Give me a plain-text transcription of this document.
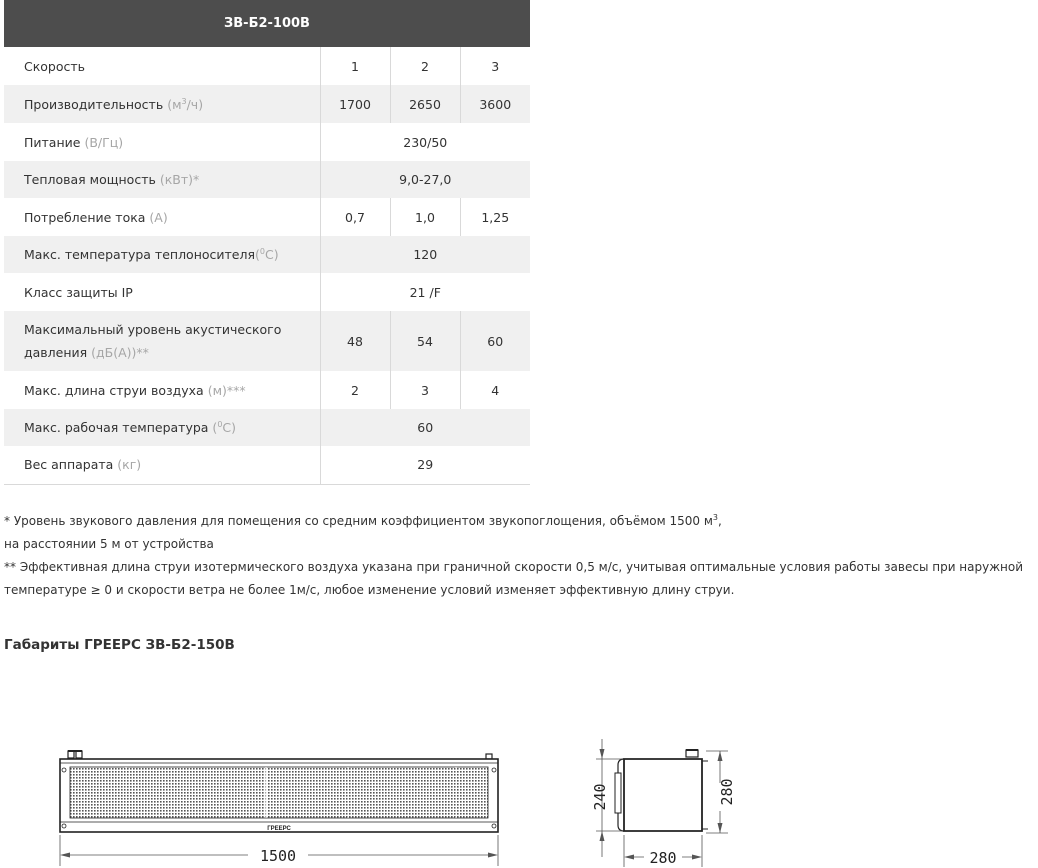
ЗВ-Б2-100В			
Скорость	1	2	3
Производительность $(м^3/ч)$	1700	2650	3600
Питание (В/Гц)	230/50		
Тепловая мощность (кВт)*	9,0-27,0		
Потребление тока (А)	0,7	1,0	1,25
Макс. температура теплоносителя($^0$С)	120		
Класс защиты IP	21 /F		
Максимальный уровень акустического
давления (дБ(А))**	48	54	60
Макс. длина струи воздуха (м)***	2	3	4
Макс. рабочая температура ($^0$С)	60		
Вес аппарата (кг)	29		

* Уровень звукового давления для помещения со средним коэффициентом звукопоглощения, объёмом 1500 $м^3$,

на расстоянии 5 м от устройства

** Эффективная длина струи изотермического воздуха указана при граничной скорости 0,5 м/с, учитывая оптимальные условия работы завесы при наружной

температуре ≥ 0 и скорости ветра не более 1м/с, любое изменение условий изменяет эффективную длину струи.

Габариты ГРЕЕРС ЗВ-Б2-150В
ГРЕЕРС
1500
240	280
280
